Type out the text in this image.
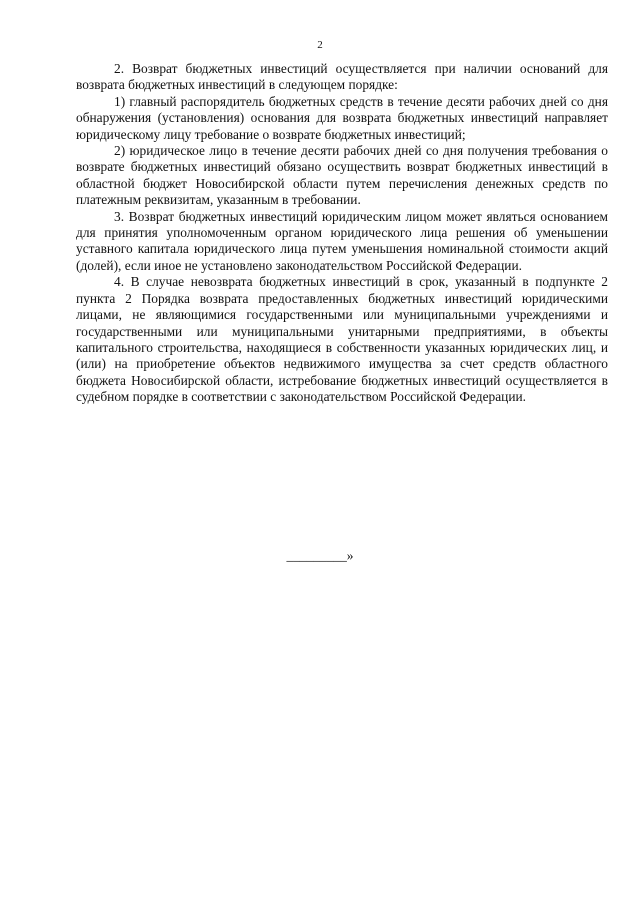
2

2. Возврат бюджетных инвестиций осуществляется при наличии оснований для возврата бюджетных инвестиций в следующем порядке:

1) главный распорядитель бюджетных средств в течение десяти рабочих дней со дня обнаружения (установления) основания для возврата бюджетных инвестиций направляет юридическому лицу требование о возврате бюджетных инвестиций;

2) юридическое лицо в течение десяти рабочих дней со дня получения требования о возврате бюджетных инвестиций обязано осуществить возврат бюджетных инвестиций в областной бюджет Новосибирской области путем перечисления денежных средств по платежным реквизитам, указанным в требовании.

3. Возврат бюджетных инвестиций юридическим лицом может являться основанием для принятия уполномоченным органом юридического лица решения об уменьшении уставного капитала юридического лица путем уменьшения номинальной стоимости акций (долей), если иное не установлено законодательством Российской Федерации.

4. В случае невозврата бюджетных инвестиций в срок, указанный в подпункте 2 пункта 2 Порядка возврата предоставленных бюджетных инвестиций юридическими лицами, не являющимися государственными или муниципальными учреждениями и государственными или муниципальными унитарными предприятиями, в объекты капитального строительства, находящиеся в собственности указанных юридических лиц, и (или) на приобретение объектов недвижимого имущества за счет средств областного бюджета Новосибирской области, истребование бюджетных инвестиций осуществляется в судебном порядке в соответствии с законодательством Российской Федерации.

_________»
